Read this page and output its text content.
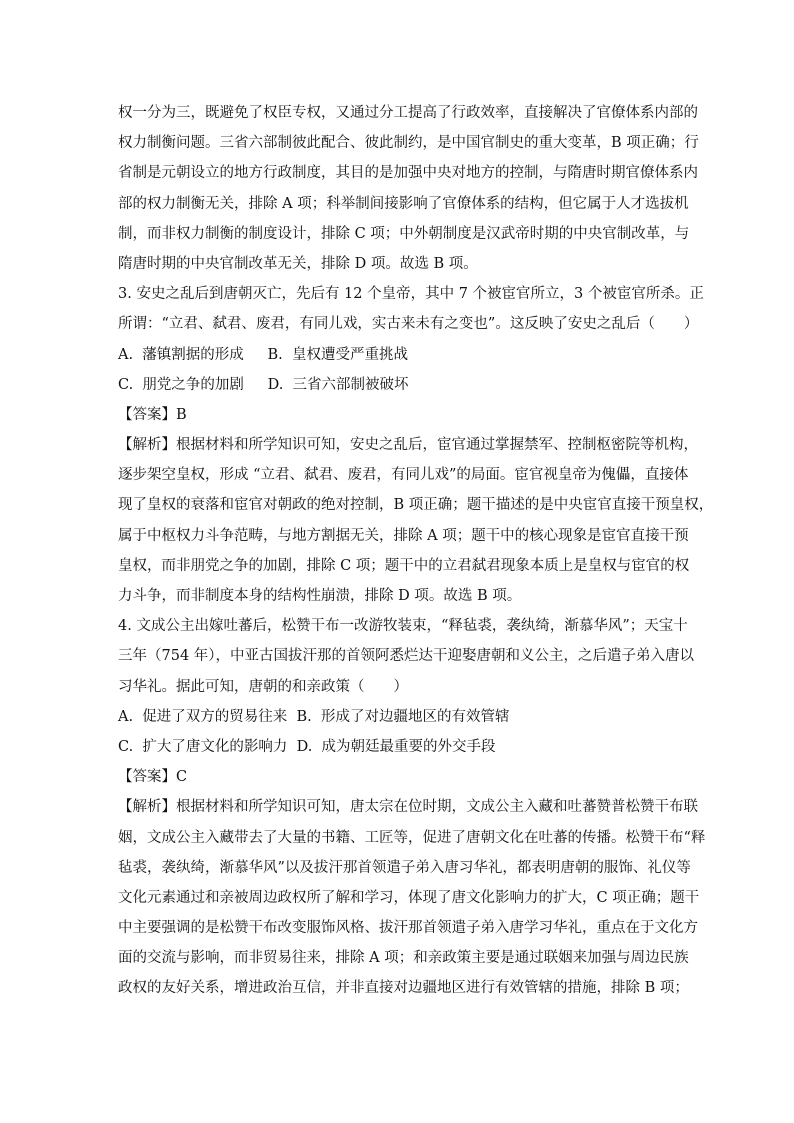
权一分为三，既避免了权臣专权，又通过分工提高了行政效率，直接解决了官僚体系内部的
权力制衡问题。三省六部制彼此配合、彼此制约，是中国官制史的重大变革，B 项正确；行
省制是元朝设立的地方行政制度，其目的是加强中央对地方的控制，与隋唐时期官僚体系内
部的权力制衡无关，排除 A 项；科举制间接影响了官僚体系的结构，但它属于人才选拔机
制，而非权力制衡的制度设计，排除 C 项；中外朝制度是汉武帝时期的中央官制改革，与
隋唐时期的中央官制改革无关，排除 D 项。故选 B 项。
3. 安史之乱后到唐朝灭亡，先后有 12 个皇帝，其中 7 个被宦官所立，3 个被宦官所杀。正
所谓：“立君、弑君、废君，有同儿戏，实古来未有之变也”。这反映了安史之乱后（　　）
A.  藩镇割据的形成　  B.  皇权遭受严重挑战
C.  朋党之争的加剧　  D.  三省六部制被破坏
【答案】B
【解析】根据材料和所学知识可知，安史之乱后，宦官通过掌握禁军、控制枢密院等机构，
逐步架空皇权，形成 “立君、弑君、废君，有同儿戏”的局面。宦官视皇帝为傀儡，直接体
现了皇权的衰落和宦官对朝政的绝对控制，B 项正确；题干描述的是中央宦官直接干预皇权，
属于中枢权力斗争范畴，与地方割据无关，排除 A 项；题干中的核心现象是宦官直接干预
皇权，而非朋党之争的加剧，排除 C 项；题干中的立君弑君现象本质上是皇权与宦官的权
力斗争，而非制度本身的结构性崩溃，排除 D 项。故选 B 项。
4. 文成公主出嫁吐蕃后，松赞干布一改游牧装束，“释毡裘，袭纨绮，渐慕华风”；天宝十
三年（754 年），中亚古国拔汗那的首领阿悉烂达干迎娶唐朝和义公主，之后遣子弟入唐以
习华礼。据此可知，唐朝的和亲政策（　　）
A.  促进了双方的贸易往来  B.  形成了对边疆地区的有效管辖
C.  扩大了唐文化的影响力  D.  成为朝廷最重要的外交手段
【答案】C
【解析】根据材料和所学知识可知，唐太宗在位时期，文成公主入藏和吐蕃赞普松赞干布联
姻，文成公主入藏带去了大量的书籍、工匠等，促进了唐朝文化在吐蕃的传播。松赞干布“释
毡裘，袭纨绮，渐慕华风”以及拔汗那首领遣子弟入唐习华礼，都表明唐朝的服饰、礼仪等
文化元素通过和亲被周边政权所了解和学习，体现了唐文化影响力的扩大，C 项正确；题干
中主要强调的是松赞干布改变服饰风格、拔汗那首领遣子弟入唐学习华礼，重点在于文化方
面的交流与影响，而非贸易往来，排除 A 项；和亲政策主要是通过联姻来加强与周边民族
政权的友好关系，增进政治互信，并非直接对边疆地区进行有效管辖的措施，排除 B 项；
